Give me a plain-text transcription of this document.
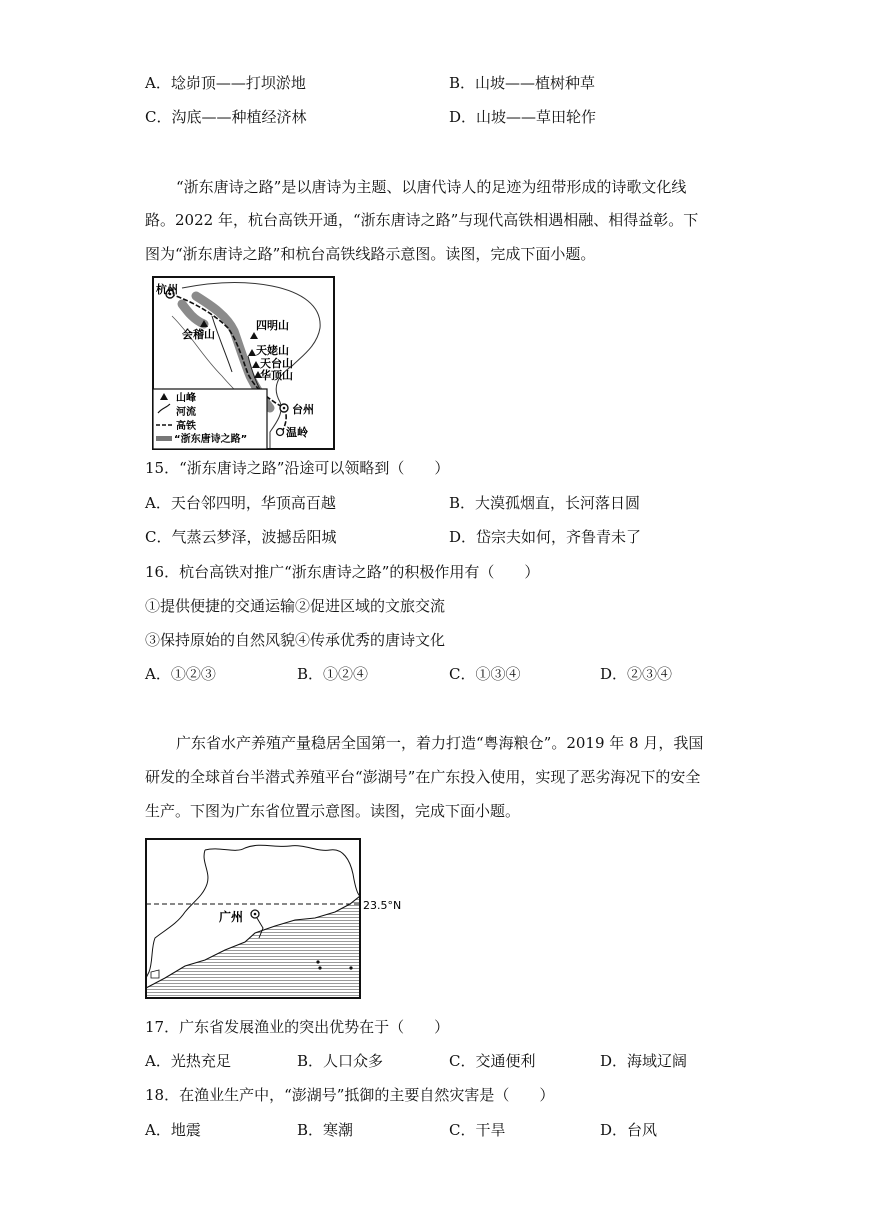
A．埝峁顶——打坝淤地	B．山坡——植树种草
C．沟底——种植经济林	D．山坡——草田轮作
“浙东唐诗之路”是以唐诗为主题、以唐代诗人的足迹为纽带形成的诗歌文化线
路。2022 年，杭台高铁开通，“浙东唐诗之路”与现代高铁相遇相融、相得益彰。下
图为“浙东唐诗之路”和杭台高铁线路示意图。读图，完成下面小题。
杭州
会稽山
四明山
天姥山
天台山
华顶山
台州
温岭
山峰
河流
高铁
“浙东唐诗之路”
15．“浙东唐诗之路”沿途可以领略到（　　）
A．天台邻四明，华顶高百越	B．大漠孤烟直，长河落日圆
C．气蒸云梦泽，波撼岳阳城	D．岱宗夫如何，齐鲁青未了
16．杭台高铁对推广“浙东唐诗之路”的积极作用有（　　）
①提供便捷的交通运输②促进区域的文旅交流
③保持原始的自然风貌④传承优秀的唐诗文化
A．①②③	B．①②④	C．①③④	D．②③④
广东省水产养殖产量稳居全国第一，着力打造“粤海粮仓”。2019 年 8 月，我国
研发的全球首台半潜式养殖平台“澎湖号”在广东投入使用，实现了恶劣海况下的安全
生产。下图为广东省位置示意图。读图，完成下面小题。
23.5°N
广州
17．广东省发展渔业的突出优势在于（　　）
A．光热充足	B．人口众多	C．交通便利	D．海域辽阔
18．在渔业生产中，“澎湖号”抵御的主要自然灾害是（　　）
A．地震	B．寒潮	C．干旱	D．台风
